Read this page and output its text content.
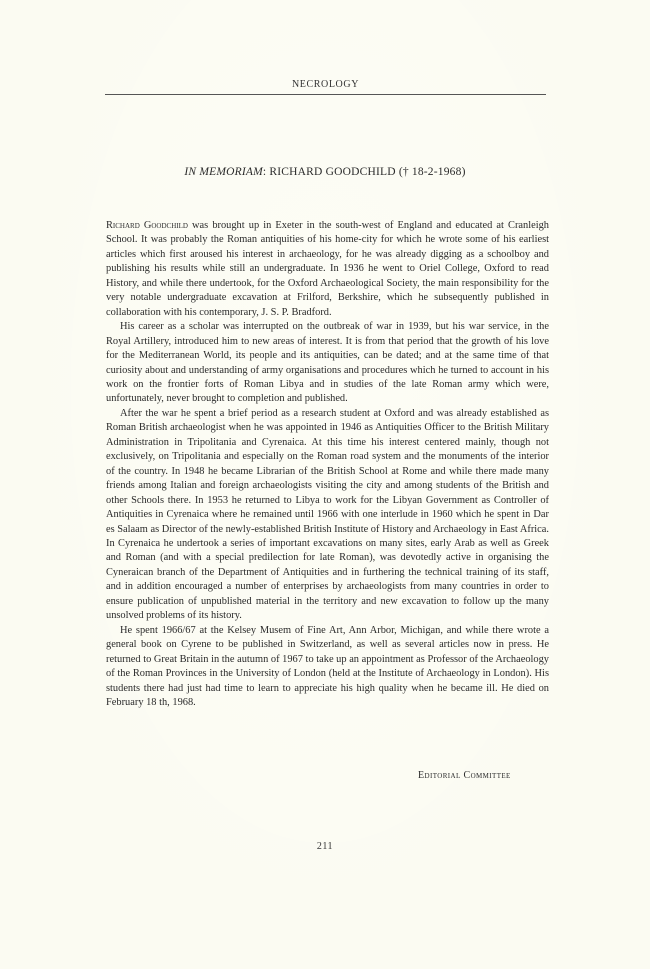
NECROLOGY
IN MEMORIAM: RICHARD GOODCHILD († 18-2-1968)

Richard Goodchild was brought up in Exeter in the south-west of England and educated at Cranleigh School. It was probably the Roman antiquities of his home-city for which he wrote some of his earliest articles which first aroused his interest in archaeology, for he was already digging as a schoolboy and publishing his results while still an undergraduate. In 1936 he went to Oriel College, Oxford to read History, and while there undertook, for the Oxford Archaeological Society, the main responsibility for the very notable undergraduate excavation at Frilford, Berkshire, which he subsequently published in collaboration with his contemporary, J. S. P. Bradford.

His career as a scholar was interrupted on the outbreak of war in 1939, but his war service, in the Royal Artillery, introduced him to new areas of interest. It is from that period that the growth of his love for the Mediterranean World, its people and its antiquities, can be dated; and at the same time of that curiosity about and understanding of army organisations and procedures which he turned to account in his work on the frontier forts of Roman Libya and in studies of the late Roman army which were, unfortunately, never brought to completion and published.

After the war he spent a brief period as a research student at Oxford and was already established as Roman British archaeologist when he was appointed in 1946 as Antiquities Officer to the British Military Administration in Tripolitania and Cyrenaica. At this time his interest centered mainly, though not exclusively, on Tripolitania and especially on the Roman road system and the monuments of the interior of the country. In 1948 he became Librarian of the British School at Rome and while there made many friends among Italian and foreign archaeologists visiting the city and among students of the British and other Schools there. In 1953 he returned to Libya to work for the Libyan Government as Controller of Antiquities in Cyrenaica where he remained until 1966 with one interlude in 1960 which he spent in Dar es Salaam as Director of the newly-established British Institute of History and Archaeology in East Africa. In Cyrenaica he undertook a series of important excavations on many sites, early Arab as well as Greek and Roman (and with a special predilection for late Roman), was devotedly active in organising the Cyneraican branch of the Department of Antiquities and in furthering the technical training of its staff, and in addition encouraged a number of enterprises by archaeologists from many countries in order to ensure publication of unpublished material in the territory and new excavation to follow up the many unsolved problems of its history.

He spent 1966/67 at the Kelsey Musem of Fine Art, Ann Arbor, Michigan, and while there wrote a general book on Cyrene to be published in Switzerland, as well as several articles now in press. He returned to Great Britain in the autumn of 1967 to take up an appointment as Professor of the Archaeology of the Roman Provinces in the University of London (held at the Institute of Archaeology in London). His students there had just had time to learn to appreciate his high quality when he became ill. He died on February 18 th, 1968.

Editorial Committee
211
